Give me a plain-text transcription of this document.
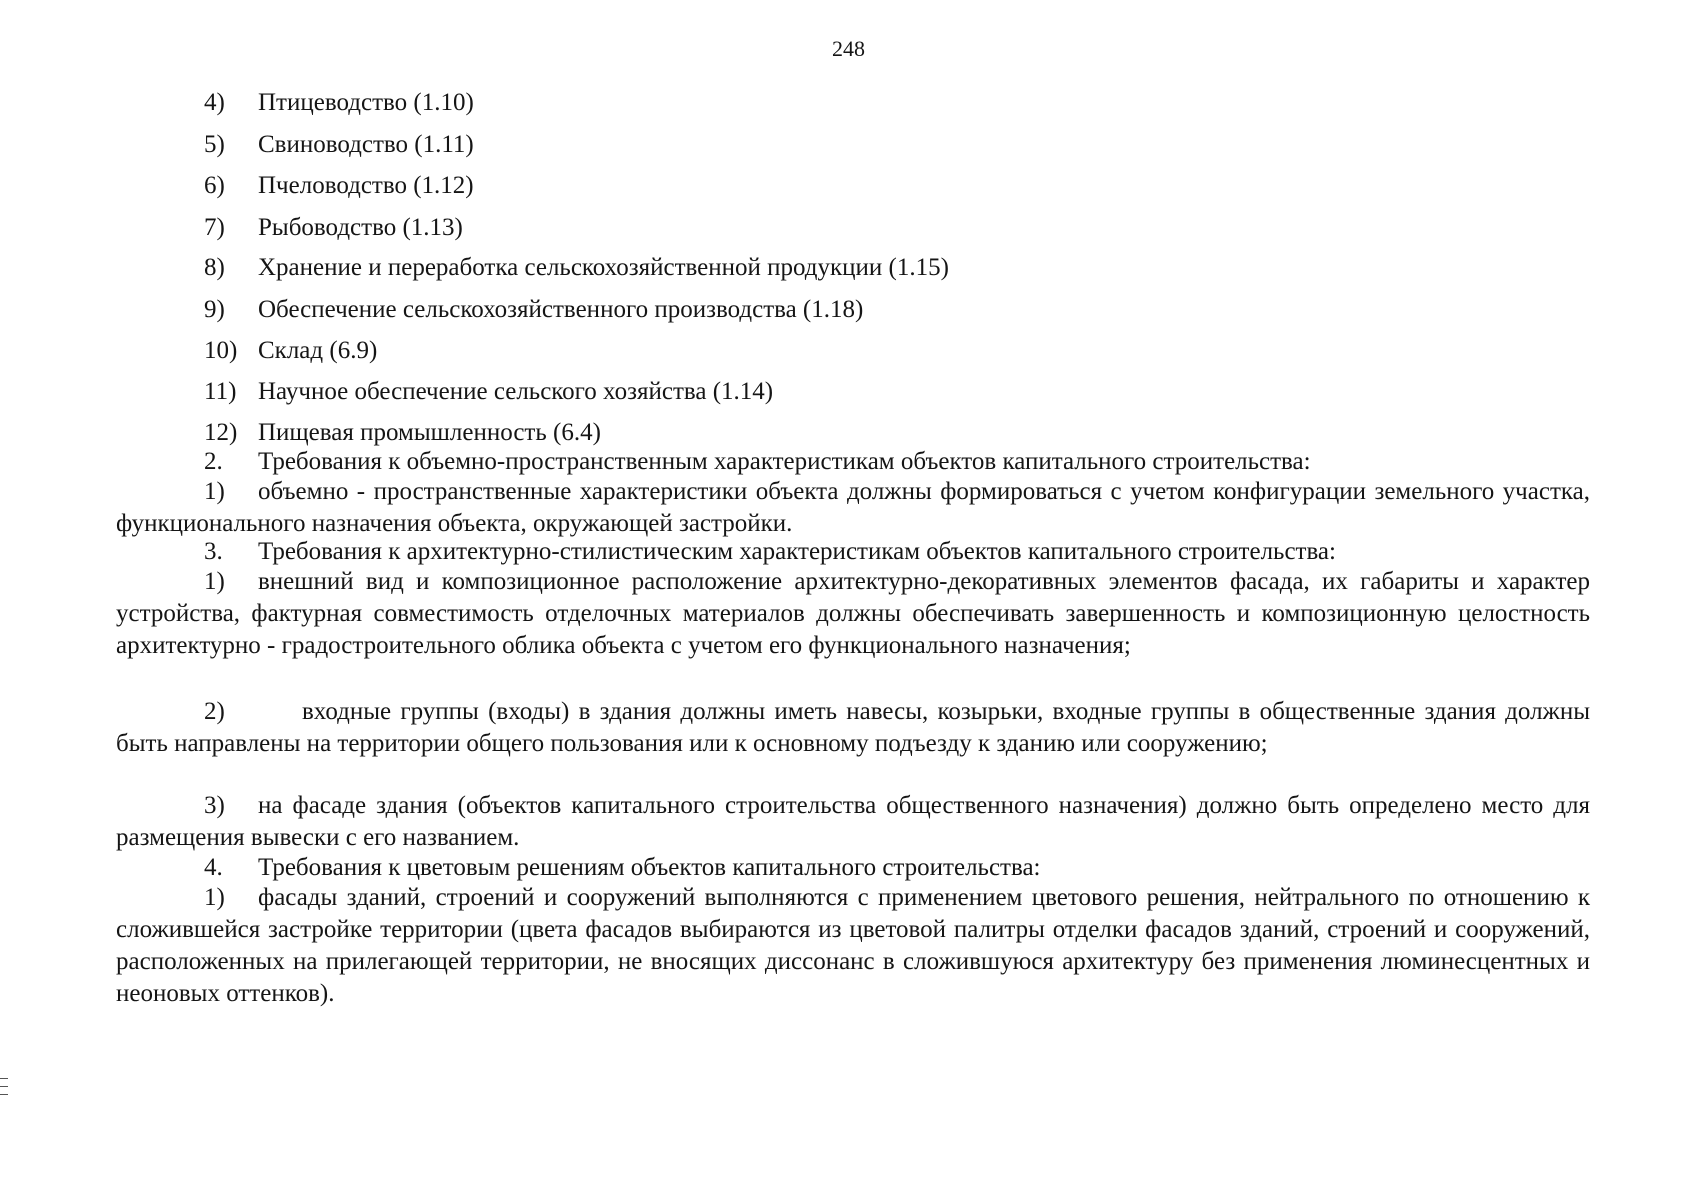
248
4) Птицеводство (1.10)
5) Свиноводство (1.11)
6) Пчеловодство (1.12)
7) Рыбоводство (1.13)
8) Хранение и переработка сельскохозяйственной продукции (1.15)
9) Обеспечение сельскохозяйственного производства (1.18)
10) Склад (6.9)
11) Научное обеспечение сельского хозяйства (1.14)
12) Пищевая промышленность (6.4)
2. Требования к объемно-пространственным характеристикам объектов капитального строительства:
1) объемно - пространственные характеристики объекта должны формироваться с учетом конфигурации земельного участка, функционального назначения объекта, окружающей застройки.
3. Требования к архитектурно-стилистическим характеристикам объектов капитального строительства:
1) внешний вид и композиционное расположение архитектурно-декоративных элементов фасада, их габариты и характер устройства, фактурная совместимость отделочных материалов должны обеспечивать завершенность и композиционную целостность архитектурно - градостроительного облика объекта с учетом его функционального назначения;
2)	входные группы (входы) в здания должны иметь навесы, козырьки, входные группы в общественные здания должны быть направлены на территории общего пользования или к основному подъезду к зданию или сооружению;
3) на фасаде здания (объектов капитального строительства общественного назначения) должно быть определено место для размещения вывески с его названием.
4. Требования к цветовым решениям объектов капитального строительства:
1) фасады зданий, строений и сооружений выполняются с применением цветового решения, нейтрального по отношению к сложившейся застройке территории (цвета фасадов выбираются из цветовой палитры отделки фасадов зданий, строений и сооружений, расположенных на прилегающей территории, не вносящих диссонанс в сложившуюся архитектуру без применения люминесцентных и неоновых оттенков).
